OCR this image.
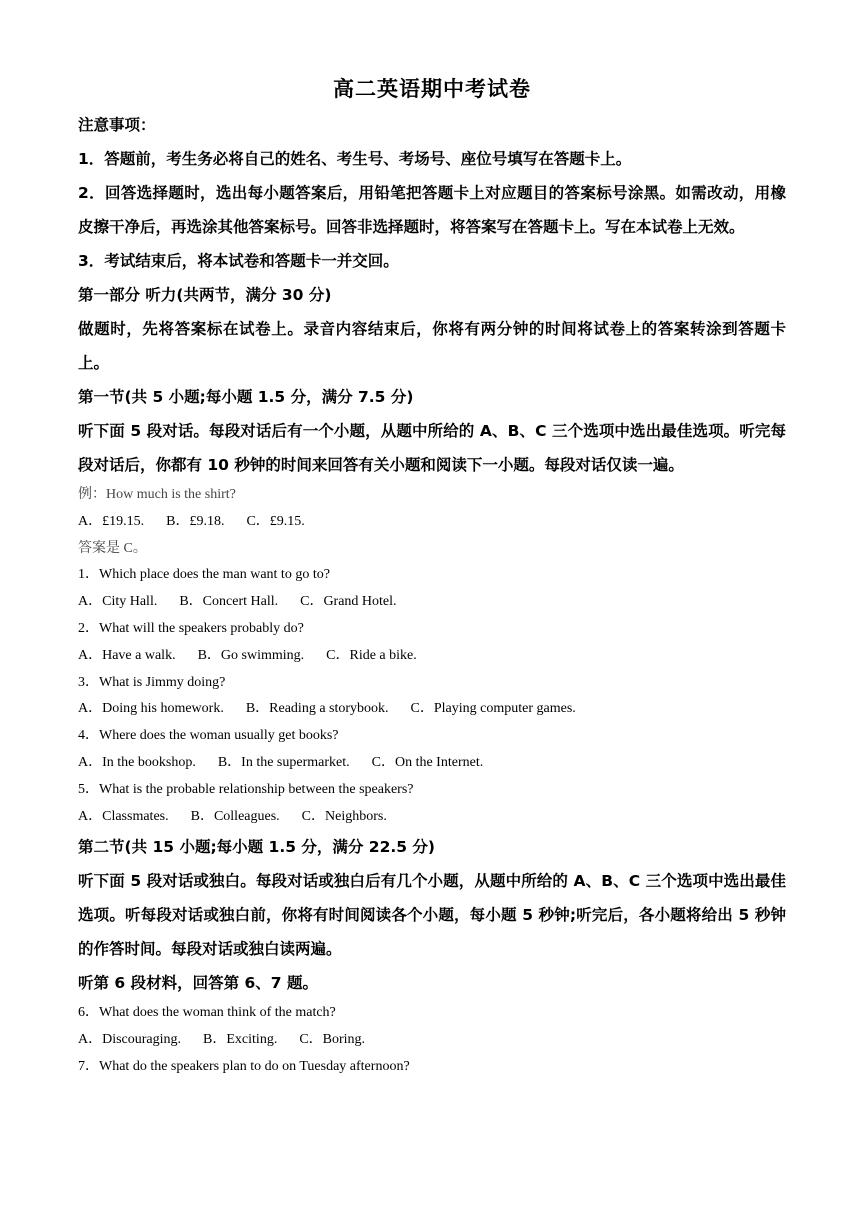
高二英语期中考试卷

注意事项：

1．答题前，考生务必将自己的姓名、考生号、考场号、座位号填写在答题卡上。

2．回答选择题时，选出每小题答案后，用铅笔把答题卡上对应题目的答案标号涂黑。如需改动，用橡皮擦干净后，再选涂其他答案标号。回答非选择题时，将答案写在答题卡上。写在本试卷上无效。

3．考试结束后，将本试卷和答题卡一并交回。

第一部分 听力(共两节，满分 30 分)

做题时，先将答案标在试卷上。录音内容结束后，你将有两分钟的时间将试卷上的答案转涂到答题卡上。

第一节(共 5 小题;每小题 1.5 分，满分 7.5 分)

听下面 5 段对话。每段对话后有一个小题，从题中所给的 A、B、C 三个选项中选出最佳选项。听完每段对话后，你都有 10 秒钟的时间来回答有关小题和阅读下一小题。每段对话仅读一遍。

例：How much is the shirt?

A．£19.15. B．£9.18. C．£9.15.

答案是 C。

1．Which place does the man want to go to?

A．City Hall. B．Concert Hall. C．Grand Hotel.

2．What will the speakers probably do?

A．Have a walk. B．Go swimming. C．Ride a bike.

3．What is Jimmy doing?

A．Doing his homework. B．Reading a storybook. C．Playing computer games.

4．Where does the woman usually get books?

A．In the bookshop. B．In the supermarket. C．On the Internet.

5．What is the probable relationship between the speakers?

A．Classmates. B．Colleagues. C．Neighbors.

第二节(共 15 小题;每小题 1.5 分，满分 22.5 分)

听下面 5 段对话或独白。每段对话或独白后有几个小题，从题中所给的 A、B、C 三个选项中选出最佳选项。听每段对话或独白前，你将有时间阅读各个小题，每小题 5 秒钟;听完后，各小题将给出 5 秒钟的作答时间。每段对话或独白读两遍。

听第 6 段材料，回答第 6、7 题。

6．What does the woman think of the match?

A．Discouraging. B．Exciting. C．Boring.

7．What do the speakers plan to do on Tuesday afternoon?
